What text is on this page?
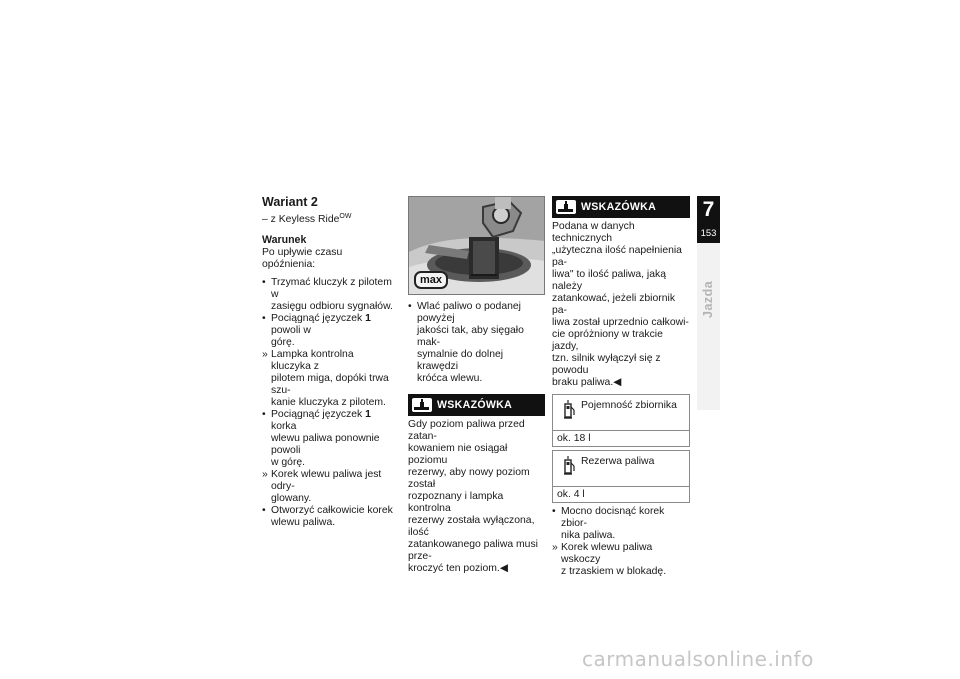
Wariant 2
– z Keyless Ride$^{OW}$
Warunek
Po upływie czasu opóźnienia:
• Trzymać kluczyk z pilotem w
zasięgu odbioru sygnałów.
• Pociągnąć języczek 1 powoli w
górę.
» Lampka kontrolna kluczyka z
pilotem miga, dopóki trwa szu-
kanie kluczyka z pilotem.
• Pociągnąć języczek 1 korka
wlewu paliwa ponownie powoli
w górę.
» Korek wlewu paliwa jest odry-
glowany.
• Otworzyć całkowicie korek
wlewu paliwa.
max
• Wlać paliwo o podanej powyżej
jakości tak, aby sięgało mak-
symalnie do dolnej krawędzi
króćca wlewu.
WSKAZÓWKA
Gdy poziom paliwa przed zatan-
kowaniem nie osiągał poziomu
rezerwy, aby nowy poziom został
rozpoznany i lampka kontrolna
rezerwy została wyłączona, ilość
zatankowanego paliwa musi prze-
kroczyć ten poziom.◀
WSKAZÓWKA
Podana w danych technicznych
„użyteczna ilość napełnienia pa-
liwa" to ilość paliwa, jaką należy
zatankować, jeżeli zbiornik pa-
liwa został uprzednio całkowi-
cie opróżniony w trakcie jazdy,
tzn. silnik wyłączył się z powodu
braku paliwa.◀
Pojemność zbiornika
ok. 18 l
Rezerwa paliwa
ok. 4 l
• Mocno docisnąć korek zbior-
nika paliwa.
» Korek wlewu paliwa wskoczy
z trzaskiem w blokadę.
7
153
Jazda
carmanualsonline.info
